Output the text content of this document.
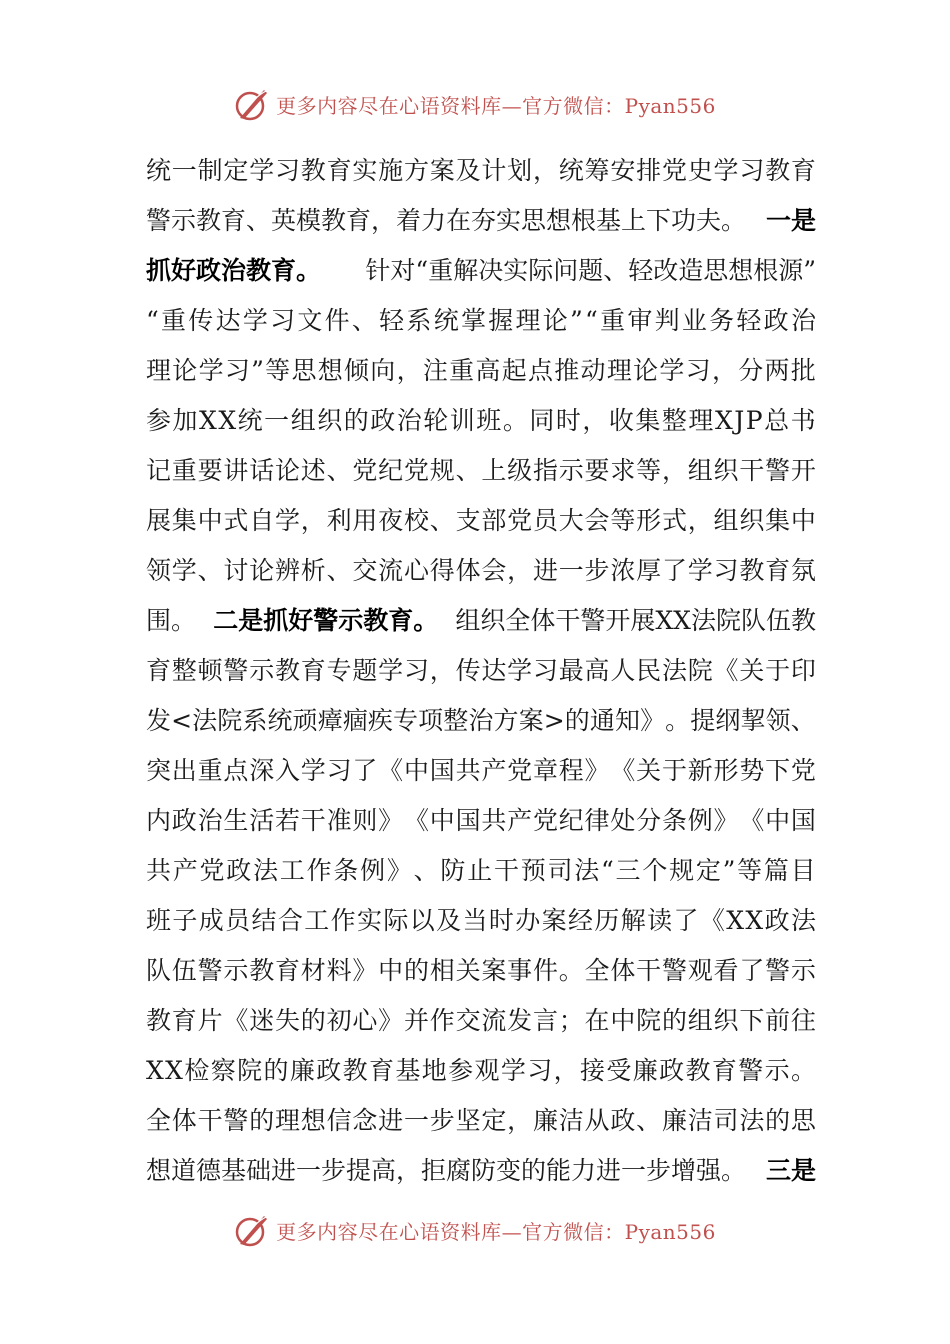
更多内容尽在心语资料库—官方微信：Pyan556
统 一 制 定 学 习 教 育 实 施 方 案 及 计 划 ， 统 筹 安 排 党 史 学 习 教 育
警示教育、英模教育，着力在夯实思想根基上下功夫。 一是
抓好政治教育。 针对“重解决实际问题、轻改造思想根源”
“ 重 传 达 学 习 文 件 、 轻 系 统 掌 握 理 论 ” “ 重 审 判 业 务 轻 政 治
理 论 学 习 ” 等 思 想 倾 向 ， 注 重 高 起 点 推 动 理 论 学 习 ， 分 两 批
参 加 X X 统 一 组 织 的 政 治 轮 训 班 。 同 时 ， 收 集 整 理 X J P 总 书
记 重 要 讲 话 论 述 、 党 纪 党 规 、 上 级 指 示 要 求 等 ， 组 织 干 警 开
展 集 中 式 自 学 ， 利 用 夜 校 、 支 部 党 员 大 会 等 形 式 ， 组 织 集 中
领 学 、 讨 论 辨 析 、 交 流 心 得 体 会 ， 进 一 步 浓 厚 了 学 习 教 育 氛
围。 二是抓好警示教育。 组织全体干警开展XX法院队伍教
育 整 顿 警 示 教 育 专 题 学 习 ， 传 达 学 习 最 高 人 民 法 院 《 关 于 印
发 < 法 院 系 统 顽 瘴 痼 疾 专 项 整 治 方 案 > 的 通 知 》 。 提 纲 挈 领 、
突 出 重 点 深 入 学 习 了 《 中 国 共 产 党 章 程 》 《 关 于 新 形 势 下 党
内 政 治 生 活 若 干 准 则 》 《 中 国 共 产 党 纪 律 处 分 条 例 》 《 中 国
共 产 党 政 法 工 作 条 例 》 、 防 止 干 预 司 法 “ 三 个 规 定 ” 等 篇 目
班 子 成 员 结 合 工 作 实 际 以 及 当 时 办 案 经 历 解 读 了 《 X X 政 法
队 伍 警 示 教 育 材 料 》 中 的 相 关 案 事 件 。 全 体 干 警 观 看 了 警 示
教 育 片 《 迷 失 的 初 心 》 并 作 交 流 发 言 ； 在 中 院 的 组 织 下 前 往
X X 检 察 院 的 廉 政 教 育 基 地 参 观 学 习 ， 接 受 廉 政 教 育 警 示 。
全 体 干 警 的 理 想 信 念 进 一 步 坚 定 ， 廉 洁 从 政 、 廉 洁 司 法 的 思
想道德基础进一步提高，拒腐防变的能力进一步增强。 三是
更多内容尽在心语资料库—官方微信：Pyan556
